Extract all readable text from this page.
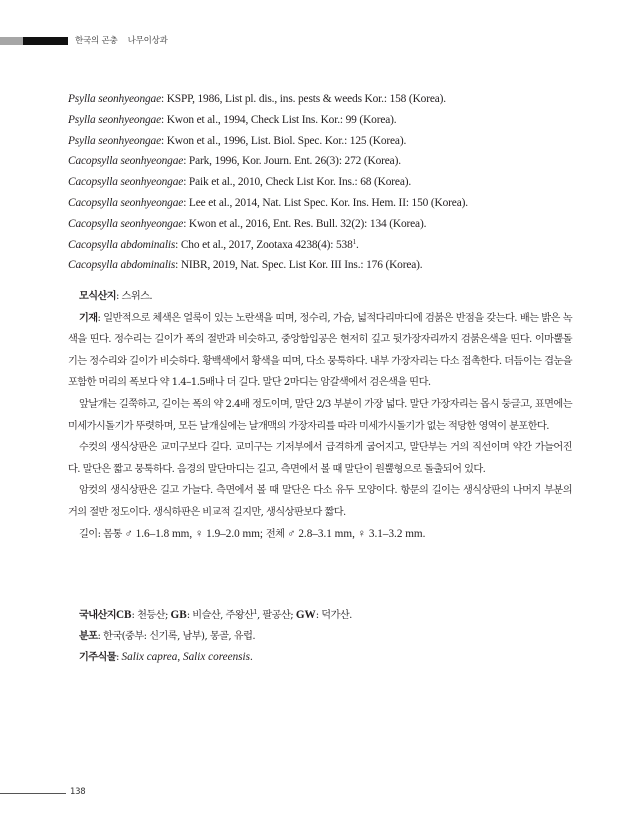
한국의 곤충 나무이상과
Psylla seonhyeongae: KSPP, 1986, List pl. dis., ins. pests & weeds Kor.: 158 (Korea).
Psylla seonhyeongae: Kwon et al., 1994, Check List Ins. Kor.: 99 (Korea).
Psylla seonhyeongae: Kwon et al., 1996, List. Biol. Spec. Kor.: 125 (Korea).
Cacopsylla seonhyeongae: Park, 1996, Kor. Journ. Ent. 26(3): 272 (Korea).
Cacopsylla seonhyeongae: Paik et al., 2010, Check List Kor. Ins.: 68 (Korea).
Cacopsylla seonhyeongae: Lee et al., 2014, Nat. List Spec. Kor. Ins. Hem. II: 150 (Korea).
Cacopsylla seonhyeongae: Kwon et al., 2016, Ent. Res. Bull. 32(2): 134 (Korea).
Cacopsylla abdominalis: Cho et al., 2017, Zootaxa 4238(4): $538^1$.
Cacopsylla abdominalis: NIBR, 2019, Nat. Spec. List Kor. III Ins.: 176 (Korea).

모식산지: 스위스.

기재: 일반적으로 체색은 얼룩이 있는 노란색을 띠며, 정수리, 가슴, 넓적다리마디에 검붉은 반점을 갖는다. 배는 밝은 녹색을 띤다. 정수리는 길이가 폭의 절반과 비슷하고, 중앙함입공은 현저히 깊고 뒷가장자리까지 검붉은색을 띤다. 이마뿔돌기는 정수리와 길이가 비슷하다. 황백색에서 황색을 띠며, 다소 뭉툭하다. 내부 가장자리는 다소 접촉한다. 더듬이는 겹눈을 포함한 머리의 폭보다 약 1.4–1.5배나 더 길다. 말단 2마디는 암갈색에서 검은색을 띤다.

앞날개는 길쭉하고, 길이는 폭의 약 2.4배 정도이며, 말단 2/3 부분이 가장 넓다. 말단 가장자리는 몹시 둥글고, 표면에는 미세가시돌기가 뚜렷하며, 모든 날개실에는 날개맥의 가장자리를 따라 미세가시돌기가 없는 적당한 영역이 분포한다.

수컷의 생식상판은 교미구보다 길다. 교미구는 기저부에서 급격하게 굽어지고, 말단부는 거의 직선이며 약간 가늘어진다. 말단은 짧고 뭉툭하다. 음경의 말단마디는 길고, 측면에서 볼 때 말단이 원뿔형으로 돌출되어 있다.

암컷의 생식상판은 길고 가늘다. 측면에서 볼 때 말단은 다소 유두 모양이다. 항문의 길이는 생식상판의 나머지 부분의 거의 절반 정도이다. 생식하판은 비교적 길지만, 생식상판보다 짧다.

길이: 몸통 ♂ 1.6–1.8 mm, ♀ 1.9–2.0 mm; 전체 ♂ 2.8–3.1 mm, ♀ 3.1–3.2 mm.

국내산지CB: 천등산; GB: 비슬산, 주왕산$^1$, 팔공산; GW: 덕가산.

분포: 한국(중부: 신기록, 남부), 몽골, 유럽.

기주식물: Salix caprea, Salix coreensis.

138
